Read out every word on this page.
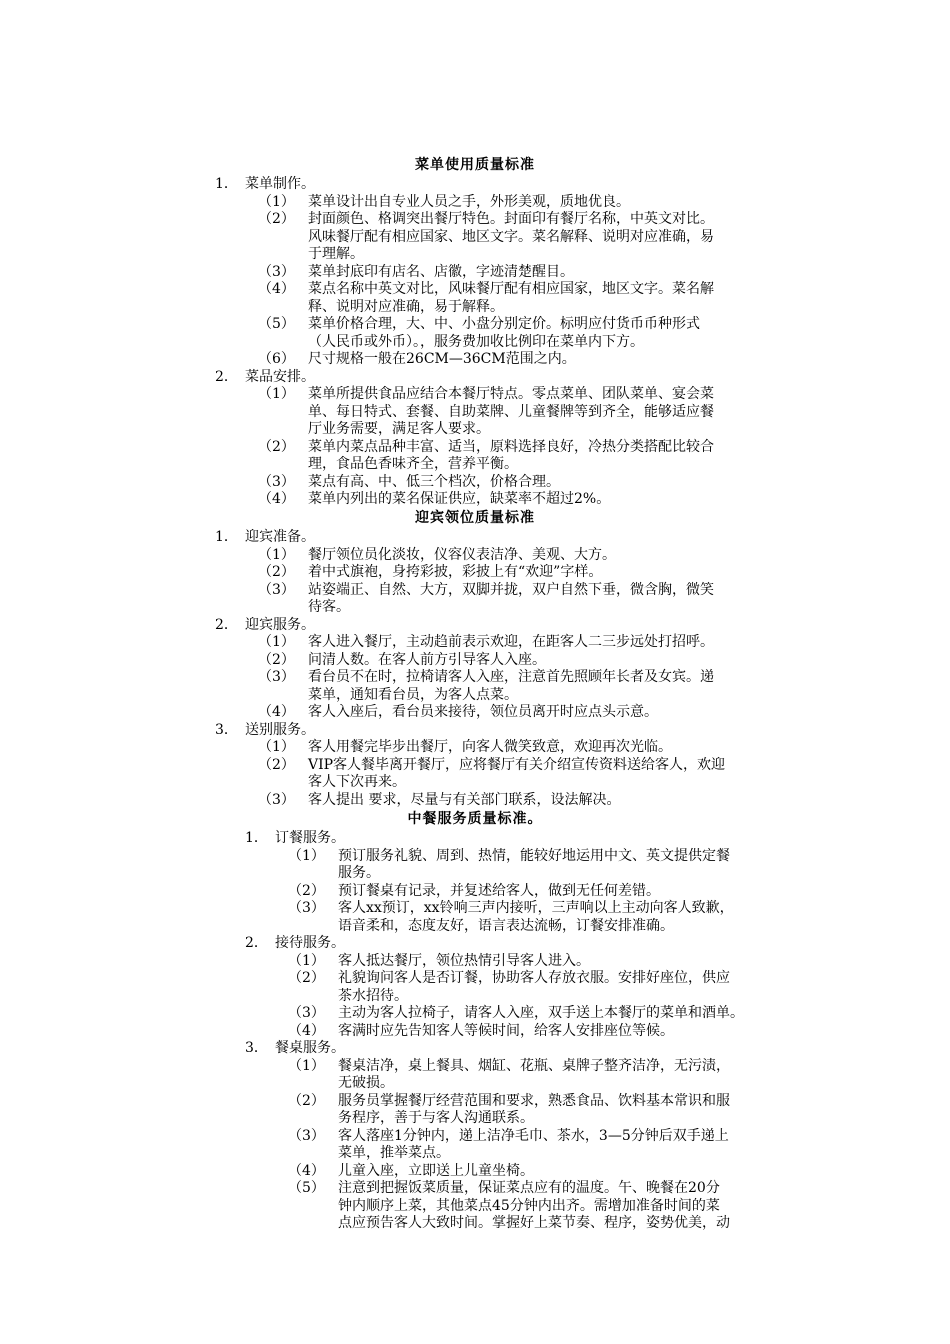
菜单使用质量标准
1． 菜单制作。
（1） 菜单设计出自专业人员之手，外形美观，质地优良。
（2） 封面颜色、格调突出餐厅特色。封面印有餐厅名称，中英文对比。
风味餐厅配有相应国家、地区文字。菜名解释、说明对应准确，易
于理解。
（3） 菜单封底印有店名、店徽，字迹清楚醒目。
（4） 菜点名称中英文对比，风味餐厅配有相应国家，地区文字。菜名解
释、说明对应准确，易于解释。
（5） 菜单价格合理，大、中、小盘分别定价。标明应付货币币种形式
（人民币或外币）。，服务费加收比例印在菜单内下方。
（6） 尺寸规格一般在26CM—36CM范围之内。
2． 菜品安排。
（1） 菜单所提供食品应结合本餐厅特点。零点菜单、团队菜单、宴会菜
单、每日特式、套餐、自助菜牌、儿童餐牌等到齐全，能够适应餐
厅业务需要，满足客人要求。
（2） 菜单内菜点品种丰富、适当，原料选择良好，冷热分类搭配比较合
理，食品色香味齐全，营养平衡。
（3） 菜点有高、中、低三个档次，价格合理。
（4） 菜单内列出的菜名保证供应，缺菜率不超过2%。
迎宾领位质量标准
1． 迎宾准备。
（1） 餐厅领位员化淡妆，仪容仪表洁净、美观、大方。
（2） 着中式旗袍，身挎彩披，彩披上有“欢迎”字样。
（3） 站姿端正、自然、大方，双脚并拢，双户自然下垂，微含胸，微笑
待客。
2． 迎宾服务。
（1） 客人进入餐厅，主动趋前表示欢迎，在距客人二三步远处打招呼。
（2） 问清人数。在客人前方引导客人入座。
（3） 看台员不在时，拉椅请客人入座，注意首先照顾年长者及女宾。递
菜单，通知看台员，为客人点菜。
（4） 客人入座后，看台员来接待，领位员离开时应点头示意。
3． 送别服务。
（1） 客人用餐完毕步出餐厅，向客人微笑致意，欢迎再次光临。
（2） VIP客人餐毕离开餐厅，应将餐厅有关介绍宣传资料送给客人，欢迎
客人下次再来。
（3） 客人提出 要求，尽量与有关部门联系，设法解决。
中餐服务质量标准。
1． 订餐服务。
（1） 预订服务礼貌、周到、热情，能较好地运用中文、英文提供定餐
服务。
（2） 预订餐桌有记录，并复述给客人，做到无任何差错。
（3） 客人xx预订，xx铃响三声内接听，三声响以上主动向客人致歉，
语音柔和，态度友好，语言表达流畅，订餐安排准确。
2． 接待服务。
（1） 客人抵达餐厅，领位热情引导客人进入。
（2） 礼貌询问客人是否订餐，协助客人存放衣服。安排好座位，供应
茶水招待。
（3） 主动为客人拉椅子，请客人入座，双手送上本餐厅的菜单和酒单。
（4） 客满时应先告知客人等候时间，给客人安排座位等候。
3． 餐桌服务。
（1） 餐桌洁净，桌上餐具、烟缸、花瓶、桌牌子整齐洁净，无污渍，
无破损。
（2） 服务员掌握餐厅经营范围和要求，熟悉食品、饮料基本常识和服
务程序，善于与客人沟通联系。
（3） 客人落座1分钟内，递上洁净毛巾、茶水，3—5分钟后双手递上
菜单，推举菜点。
（4） 儿童入座，立即送上儿童坐椅。
（5） 注意到把握饭菜质量，保证菜点应有的温度。午、晚餐在20分
钟内顺序上菜，其他菜点45分钟内出齐。需增加准备时间的菜
点应预告客人大致时间。掌握好上菜节奏、程序，姿势优美，动
